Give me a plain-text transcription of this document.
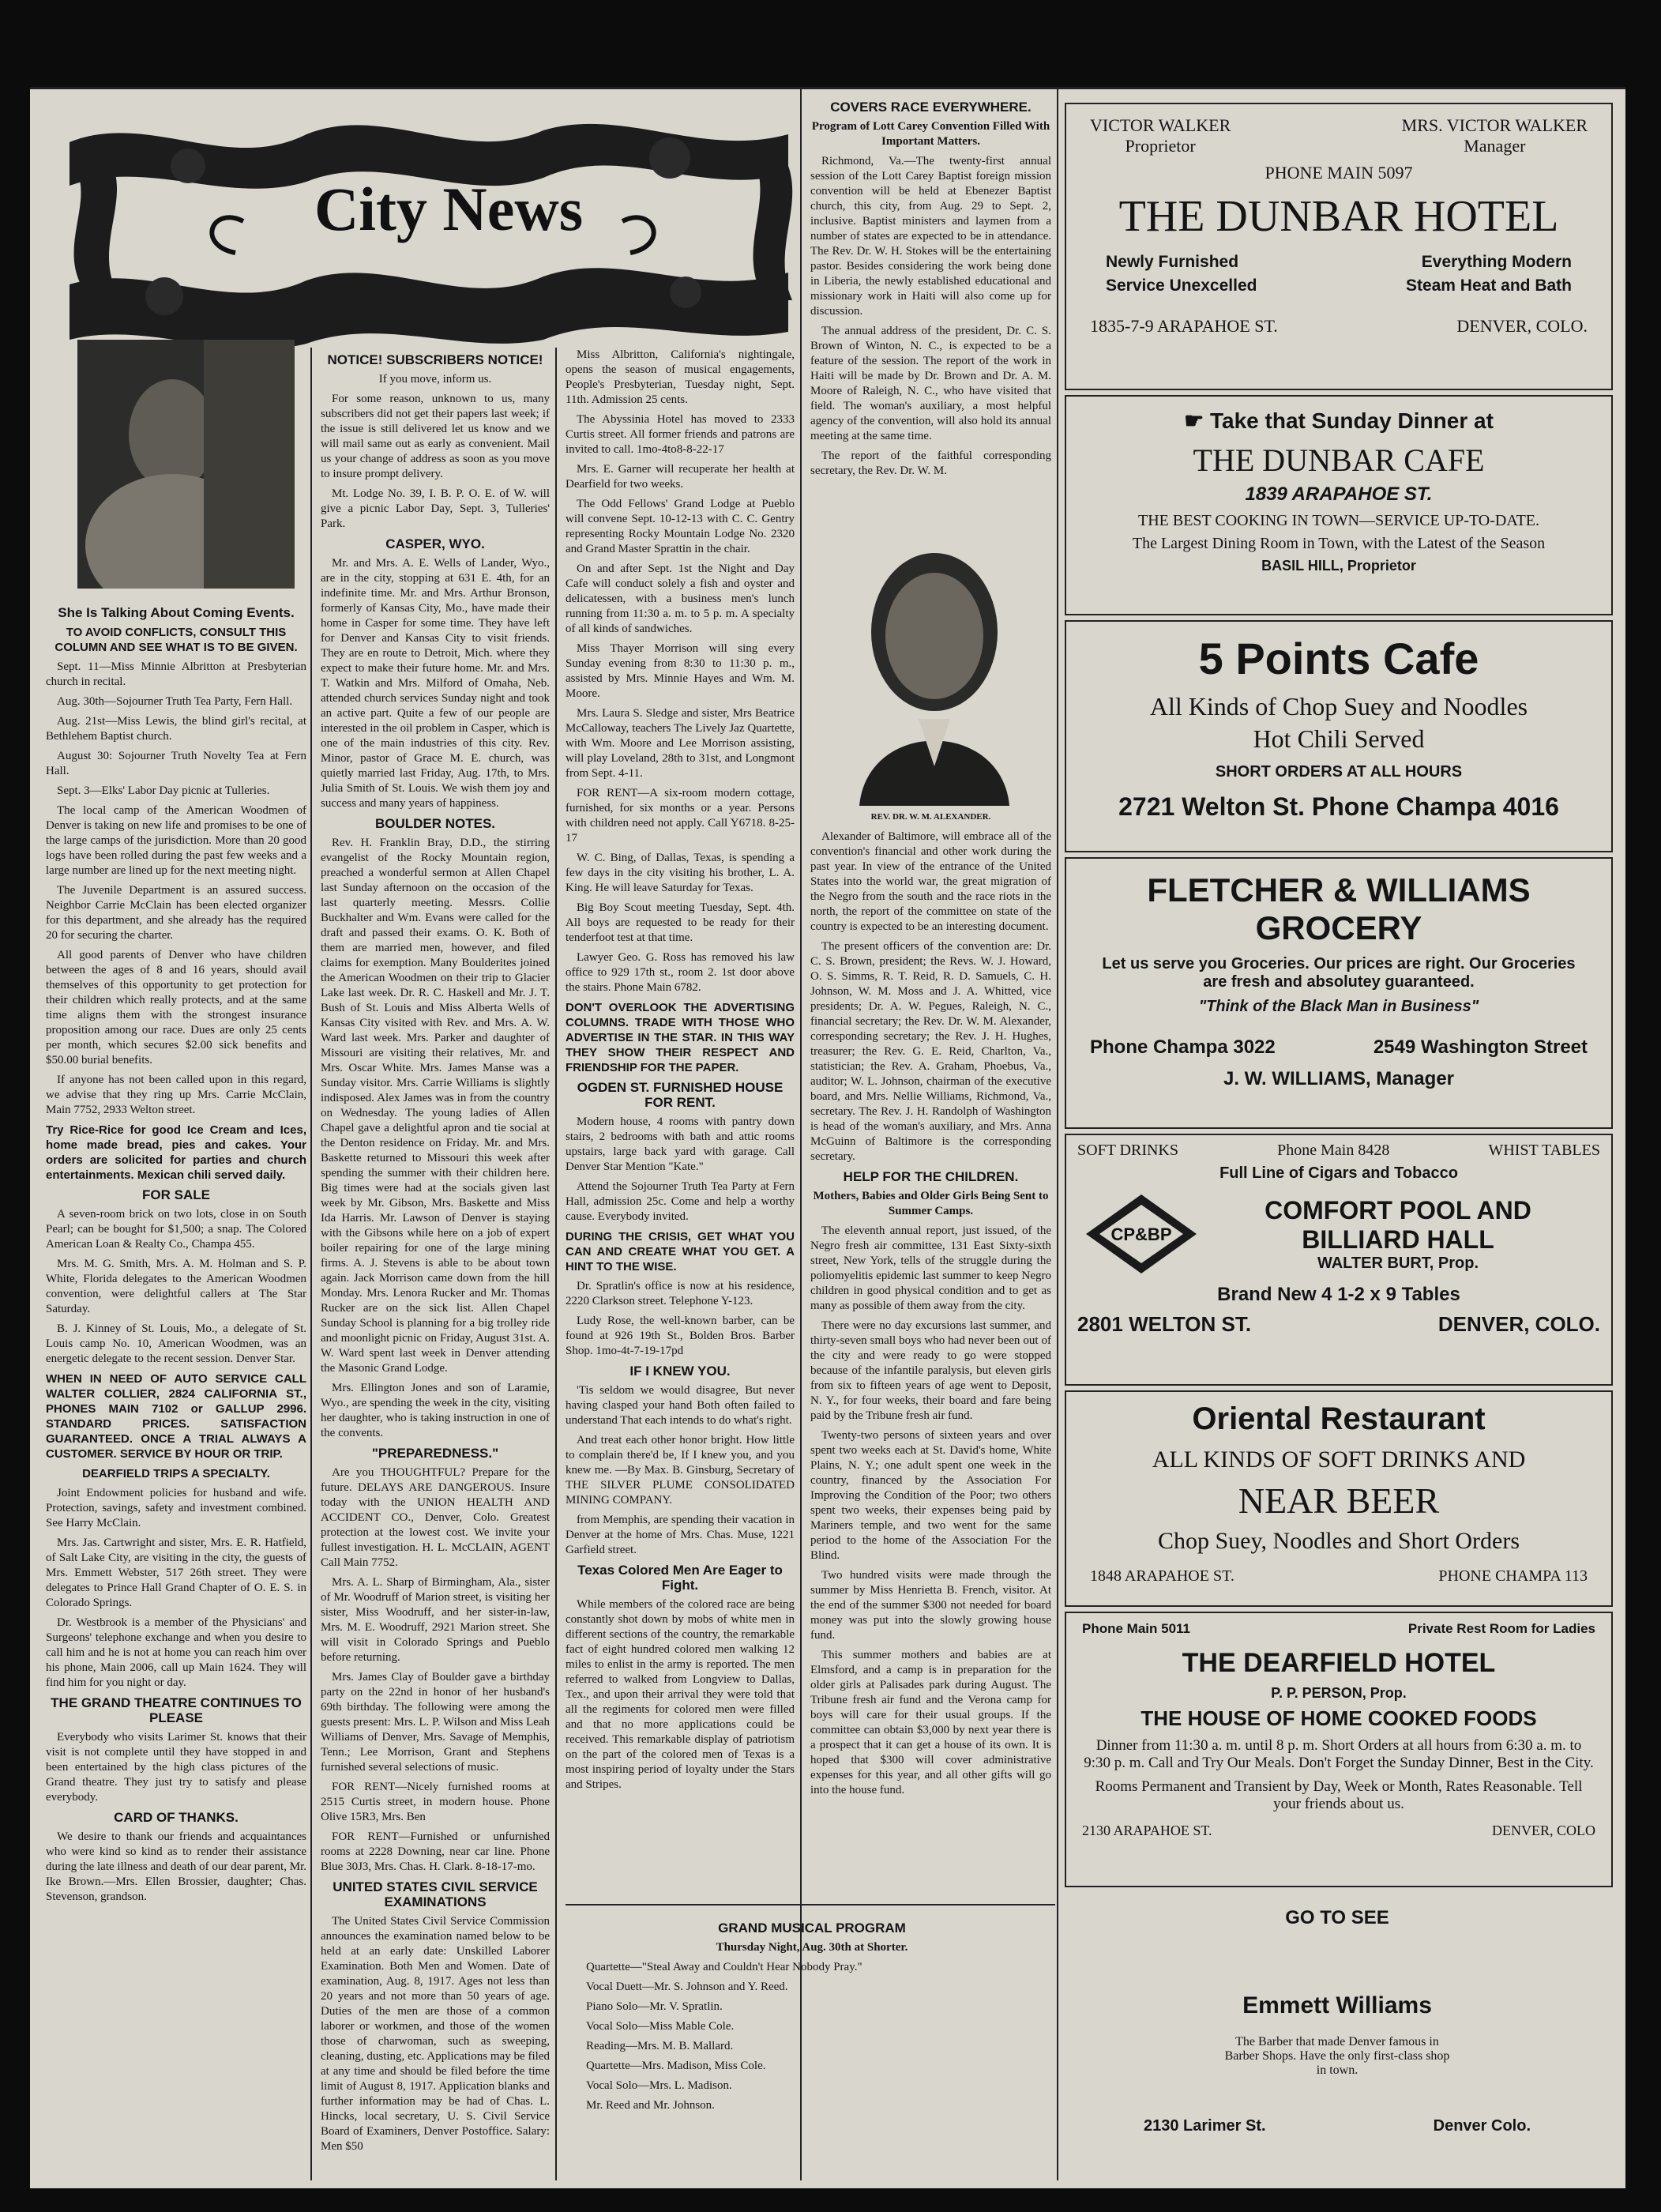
City News
She Is Talking About Coming Events.

TO AVOID CONFLICTS, CONSULT THIS COLUMN AND SEE WHAT IS TO BE GIVEN.

Sept. 11—Miss Minnie Albritton at Presbyterian church in recital.

Aug. 30th—Sojourner Truth Tea Party, Fern Hall.

Aug. 21st—Miss Lewis, the blind girl's recital, at Bethlehem Baptist church.

August 30: Sojourner Truth Novelty Tea at Fern Hall.

Sept. 3—Elks' Labor Day picnic at Tulleries.

The local camp of the American Woodmen of Denver is taking on new life and promises to be one of the large camps of the jurisdiction. More than 20 good logs have been rolled during the past few weeks and a large number are lined up for the next meeting night.

The Juvenile Department is an assured success. Neighbor Carrie McClain has been elected organizer for this department, and she already has the required 20 for securing the charter.

All good parents of Denver who have children between the ages of 8 and 16 years, should avail themselves of this opportunity to get protection for their children which really protects, and at the same time aligns them with the strongest insurance proposition among our race. Dues are only 25 cents per month, which secures $2.00 sick benefits and $50.00 burial benefits.

If anyone has not been called upon in this regard, we advise that they ring up Mrs. Carrie McClain, Main 7752, 2933 Welton street.

Try Rice-Rice for good Ice Cream and Ices, home made bread, pies and cakes. Your orders are solicited for parties and church entertainments. Mexican chili served daily.

FOR SALE

A seven-room brick on two lots, close in on South Pearl; can be bought for $1,500; a snap. The Colored American Loan & Realty Co., Champa 455.

Mrs. M. G. Smith, Mrs. A. M. Holman and S. P. White, Florida delegates to the American Woodmen convention, were delightful callers at The Star Saturday.

B. J. Kinney of St. Louis, Mo., a delegate of St. Louis camp No. 10, American Woodmen, was an energetic delegate to the recent session. Denver Star.

WHEN IN NEED OF AUTO SERVICE CALL WALTER COLLIER, 2824 CALIFORNIA ST., PHONES MAIN 7102 or GALLUP 2996. STANDARD PRICES. SATISFACTION GUARANTEED. ONCE A TRIAL ALWAYS A CUSTOMER. SERVICE BY HOUR OR TRIP.

DEARFIELD TRIPS A SPECIALTY.

Joint Endowment policies for husband and wife. Protection, savings, safety and investment combined. See Harry McClain.

Mrs. Jas. Cartwright and sister, Mrs. E. R. Hatfield, of Salt Lake City, are visiting in the city, the guests of Mrs. Emmett Webster, 517 26th street. They were delegates to Prince Hall Grand Chapter of O. E. S. in Colorado Springs.

Dr. Westbrook is a member of the Physicians' and Surgeons' telephone exchange and when you desire to call him and he is not at home you can reach him over his phone, Main 2006, call up Main 1624. They will find him for you night or day.

THE GRAND THEATRE CONTINUES TO PLEASE

Everybody who visits Larimer St. knows that their visit is not complete until they have stopped in and been entertained by the high class pictures of the Grand theatre. They just try to satisfy and please everybody.

CARD OF THANKS.

We desire to thank our friends and acquaintances who were kind so kind as to render their assistance during the late illness and death of our dear parent, Mr. Ike Brown.—Mrs. Ellen Brossier, daughter; Chas. Stevenson, grandson.

NOTICE! SUBSCRIBERS NOTICE!

If you move, inform us.

For some reason, unknown to us, many subscribers did not get their papers last week; if the issue is still delivered let us know and we will mail same out as early as convenient. Mail us your change of address as soon as you move to insure prompt delivery.

Mt. Lodge No. 39, I. B. P. O. E. of W. will give a picnic Labor Day, Sept. 3, Tulleries' Park.

CASPER, WYO.

Mr. and Mrs. A. E. Wells of Lander, Wyo., are in the city, stopping at 631 E. 4th, for an indefinite time. Mr. and Mrs. Arthur Bronson, formerly of Kansas City, Mo., have made their home in Casper for some time. They have left for Denver and Kansas City to visit friends. They are en route to Detroit, Mich. where they expect to make their future home. Mr. and Mrs. T. Watkin and Mrs. Milford of Omaha, Neb. attended church services Sunday night and took an active part. Quite a few of our people are interested in the oil problem in Casper, which is one of the main industries of this city. Rev. Minor, pastor of Grace M. E. church, was quietly married last Friday, Aug. 17th, to Mrs. Julia Smith of St. Louis. We wish them joy and success and many years of happiness.

BOULDER NOTES.

Rev. H. Franklin Bray, D.D., the stirring evangelist of the Rocky Mountain region, preached a wonderful sermon at Allen Chapel last Sunday afternoon on the occasion of the last quarterly meeting. Messrs. Collie Buckhalter and Wm. Evans were called for the draft and passed their exams. O. K. Both of them are married men, however, and filed claims for exemption. Many Boulderites joined the American Woodmen on their trip to Glacier Lake last week. Dr. R. C. Haskell and Mr. J. T. Bush of St. Louis and Miss Alberta Wells of Kansas City visited with Rev. and Mrs. A. W. Ward last week. Mrs. Parker and daughter of Missouri are visiting their relatives, Mr. and Mrs. Oscar White. Mrs. James Manse was a Sunday visitor. Mrs. Carrie Williams is slightly indisposed. Alex James was in from the country on Wednesday. The young ladies of Allen Chapel gave a delightful apron and tie social at the Denton residence on Friday. Mr. and Mrs. Baskette returned to Missouri this week after spending the summer with their children here. Big times were had at the socials given last week by Mr. Gibson, Mrs. Baskette and Miss Ida Harris. Mr. Lawson of Denver is staying with the Gibsons while here on a job of expert boiler repairing for one of the large mining firms. A. J. Stevens is able to be about town again. Jack Morrison came down from the hill Monday. Mrs. Lenora Rucker and Mr. Thomas Rucker are on the sick list. Allen Chapel Sunday School is planning for a big trolley ride and moonlight picnic on Friday, August 31st. A. W. Ward spent last week in Denver attending the Masonic Grand Lodge.

Mrs. Ellington Jones and son of Laramie, Wyo., are spending the week in the city, visiting her daughter, who is taking instruction in one of the convents.

"PREPAREDNESS."

Are you THOUGHTFUL? Prepare for the future. DELAYS ARE DANGEROUS. Insure today with the UNION HEALTH AND ACCIDENT CO., Denver, Colo. Greatest protection at the lowest cost. We invite your fullest investigation. H. L. McCLAIN, AGENT Call Main 7752.

Mrs. A. L. Sharp of Birmingham, Ala., sister of Mr. Woodruff of Marion street, is visiting her sister, Miss Woodruff, and her sister-in-law, Mrs. M. E. Woodruff, 2921 Marion street. She will visit in Colorado Springs and Pueblo before returning.

Mrs. James Clay of Boulder gave a birthday party on the 22nd in honor of her husband's 69th birthday. The following were among the guests present: Mrs. L. P. Wilson and Miss Leah Williams of Denver, Mrs. Savage of Memphis, Tenn.; Lee Morrison, Grant and Stephens furnished several selections of music.

FOR RENT—Nicely furnished rooms at 2515 Curtis street, in modern house. Phone Olive 15R3, Mrs. Ben

FOR RENT—Furnished or unfurnished rooms at 2228 Downing, near car line. Phone Blue 30J3, Mrs. Chas. H. Clark. 8-18-17-mo.

UNITED STATES CIVIL SERVICE EXAMINATIONS

The United States Civil Service Commission announces the examination named below to be held at an early date: Unskilled Laborer Examination. Both Men and Women. Date of examination, Aug. 8, 1917. Ages not less than 20 years and not more than 50 years of age. Duties of the men are those of a common laborer or workmen, and those of the women those of charwoman, such as sweeping, cleaning, dusting, etc. Applications may be filed at any time and should be filed before the time limit of August 8, 1917. Application blanks and further information may be had of Chas. L. Hincks, local secretary, U. S. Civil Service Board of Examiners, Denver Postoffice. Salary: Men $50

Miss Albritton, California's nightingale, opens the season of musical engagements, People's Presbyterian, Tuesday night, Sept. 11th. Admission 25 cents.

The Abyssinia Hotel has moved to 2333 Curtis street. All former friends and patrons are invited to call. 1mo-4to8-8-22-17

Mrs. E. Garner will recuperate her health at Dearfield for two weeks.

The Odd Fellows' Grand Lodge at Pueblo will convene Sept. 10-12-13 with C. C. Gentry representing Rocky Mountain Lodge No. 2320 and Grand Master Sprattin in the chair.

On and after Sept. 1st the Night and Day Cafe will conduct solely a fish and oyster and delicatessen, with a business men's lunch running from 11:30 a. m. to 5 p. m. A specialty of all kinds of sandwiches.

Miss Thayer Morrison will sing every Sunday evening from 8:30 to 11:30 p. m., assisted by Mrs. Minnie Hayes and Wm. M. Moore.

Mrs. Laura S. Sledge and sister, Mrs Beatrice McCalloway, teachers The Lively Jaz Quartette, with Wm. Moore and Lee Morrison assisting, will play Loveland, 28th to 31st, and Longmont from Sept. 4-11.

FOR RENT—A six-room modern cottage, furnished, for six months or a year. Persons with children need not apply. Call Y6718. 8-25-17

W. C. Bing, of Dallas, Texas, is spending a few days in the city visiting his brother, L. A. King. He will leave Saturday for Texas.

Big Boy Scout meeting Tuesday, Sept. 4th. All boys are requested to be ready for their tenderfoot test at that time.

Lawyer Geo. G. Ross has removed his law office to 929 17th st., room 2. 1st door above the stairs. Phone Main 6782.

DON'T OVERLOOK THE ADVERTISING COLUMNS. TRADE WITH THOSE WHO ADVERTISE IN THE STAR. IN THIS WAY THEY SHOW THEIR RESPECT AND FRIENDSHIP FOR THE PAPER.

OGDEN ST. FURNISHED HOUSE FOR RENT.

Modern house, 4 rooms with pantry down stairs, 2 bedrooms with bath and attic rooms upstairs, large back yard with garage. Call Denver Star Mention "Kate."

Attend the Sojourner Truth Tea Party at Fern Hall, admission 25c. Come and help a worthy cause. Everybody invited.

DURING THE CRISIS, GET WHAT YOU CAN AND CREATE WHAT YOU GET. A HINT TO THE WISE.

Dr. Spratlin's office is now at his residence, 2220 Clarkson street. Telephone Y-123.

Ludy Rose, the well-known barber, can be found at 926 19th St., Bolden Bros. Barber Shop. 1mo-4t-7-19-17pd

IF I KNEW YOU.

'Tis seldom we would disagree, But never having clasped your hand Both often failed to understand That each intends to do what's right.

And treat each other honor bright. How little to complain there'd be, If I knew you, and you knew me. —By Max. B. Ginsburg, Secretary of THE SILVER PLUME CONSOLIDATED MINING COMPANY.

from Memphis, are spending their vacation in Denver at the home of Mrs. Chas. Muse, 1221 Garfield street.

Texas Colored Men Are Eager to Fight.

While members of the colored race are being constantly shot down by mobs of white men in different sections of the country, the remarkable fact of eight hundred colored men walking 12 miles to enlist in the army is reported. The men referred to walked from Longview to Dallas, Tex., and upon their arrival they were told that all the regiments for colored men were filled and that no more applications could be received. This remarkable display of patriotism on the part of the colored men of Texas is a most inspiring period of loyalty under the Stars and Stripes.

GRAND MUSICAL PROGRAM

Thursday Night, Aug. 30th at Shorter.

Quartette—"Steal Away and Couldn't Hear Nobody Pray."

Vocal Duett—Mr. S. Johnson and Y. Reed.

Piano Solo—Mr. V. Spratlin.

Vocal Solo—Miss Mable Cole.

Reading—Mrs. M. B. Mallard.

Quartette—Mrs. Madison, Miss Cole.

Vocal Solo—Mrs. L. Madison.

Mr. Reed and Mr. Johnson.

COVERS RACE EVERYWHERE.

Program of Lott Carey Convention Filled With Important Matters.

Richmond, Va.—The twenty-first annual session of the Lott Carey Baptist foreign mission convention will be held at Ebenezer Baptist church, this city, from Aug. 29 to Sept. 2, inclusive. Baptist ministers and laymen from a number of states are expected to be in attendance. The Rev. Dr. W. H. Stokes will be the entertaining pastor. Besides considering the work being done in Liberia, the newly established educational and missionary work in Haiti will also come up for discussion.

The annual address of the president, Dr. C. S. Brown of Winton, N. C., is expected to be a feature of the session. The report of the work in Haiti will be made by Dr. Brown and Dr. A. M. Moore of Raleigh, N. C., who have visited that field. The woman's auxiliary, a most helpful agency of the convention, will also hold its annual meeting at the same time.

The report of the faithful corresponding secretary, the Rev. Dr. W. M.

REV. DR. W. M. ALEXANDER.

Alexander of Baltimore, will embrace all of the convention's financial and other work during the past year. In view of the entrance of the United States into the world war, the great migration of the Negro from the south and the race riots in the north, the report of the committee on state of the country is expected to be an interesting document.

The present officers of the convention are: Dr. C. S. Brown, president; the Revs. W. J. Howard, O. S. Simms, R. T. Reid, R. D. Samuels, C. H. Johnson, W. M. Moss and J. A. Whitted, vice presidents; Dr. A. W. Pegues, Raleigh, N. C., financial secretary; the Rev. Dr. W. M. Alexander, corresponding secretary; the Rev. J. H. Hughes, treasurer; the Rev. G. E. Reid, Charlton, Va., statistician; the Rev. A. Graham, Phoebus, Va., auditor; W. L. Johnson, chairman of the executive board, and Mrs. Nellie Williams, Richmond, Va., secretary. The Rev. J. H. Randolph of Washington is head of the woman's auxiliary, and Mrs. Anna McGuinn of Baltimore is the corresponding secretary.

HELP FOR THE CHILDREN.

Mothers, Babies and Older Girls Being Sent to Summer Camps.

The eleventh annual report, just issued, of the Negro fresh air committee, 131 East Sixty-sixth street, New York, tells of the struggle during the poliomyelitis epidemic last summer to keep Negro children in good physical condition and to get as many as possible of them away from the city.

There were no day excursions last summer, and thirty-seven small boys who had never been out of the city and were ready to go were stopped because of the infantile paralysis, but eleven girls from six to fifteen years of age went to Deposit, N. Y., for four weeks, their board and fare being paid by the Tribune fresh air fund.

Twenty-two persons of sixteen years and over spent two weeks each at St. David's home, White Plains, N. Y.; one adult spent one week in the country, financed by the Association For Improving the Condition of the Poor; two others spent two weeks, their expenses being paid by Mariners temple, and two went for the same period to the home of the Association For the Blind.

Two hundred visits were made through the summer by Miss Henrietta B. French, visitor. At the end of the summer $300 not needed for board money was put into the slowly growing house fund.

This summer mothers and babies are at Elmsford, and a camp is in preparation for the older girls at Palisades park during August. The Tribune fresh air fund and the Verona camp for boys will care for their usual groups. If the committee can obtain $3,000 by next year there is a prospect that it can get a house of its own. It is hoped that $300 will cover administrative expenses for this year, and all other gifts will go into the house fund.

VICTOR WALKER
Proprietor
MRS. VICTOR WALKER
Manager
PHONE MAIN 5097
THE DUNBAR HOTEL
Newly Furnished	Everything Modern
Service Unexcelled	Steam Heat and Bath
1835-7-9 ARAPAHOE ST.	DENVER, COLO.
☛ Take that Sunday Dinner at
THE DUNBAR CAFE
1839 ARAPAHOE ST.
THE BEST COOKING IN TOWN—SERVICE UP-TO-DATE.
The Largest Dining Room in Town, with the Latest of the Season
BASIL HILL, Proprietor
5 Points Cafe
All Kinds of Chop Suey and Noodles
Hot Chili Served
SHORT ORDERS AT ALL HOURS
2721 Welton St. Phone Champa 4016
FLETCHER & WILLIAMS
GROCERY
Let us serve you Groceries. Our prices are right. Our Groceries are fresh and absolutey guaranteed.
"Think of the Black Man in Business"
Phone Champa 3022	2549 Washington Street
J. W. WILLIAMS, Manager
SOFT DRINKS	Phone Main 8428	WHIST TABLES
Full Line of Cigars and Tobacco
CP&BP
COMFORT POOL AND
BILLIARD HALL
WALTER BURT, Prop.
Brand New 4 1-2 x 9 Tables
2801 WELTON ST.	DENVER, COLO.
Oriental Restaurant
ALL KINDS OF SOFT DRINKS AND
NEAR BEER
Chop Suey, Noodles and Short Orders
1848 ARAPAHOE ST.	PHONE CHAMPA 113
Phone Main 5011	Private Rest Room for Ladies
THE DEARFIELD HOTEL
P. P. PERSON, Prop.
THE HOUSE OF HOME COOKED FOODS
Dinner from 11:30 a. m. until 8 p. m. Short Orders at all hours from 6:30 a. m. to 9:30 p. m. Call and Try Our Meals. Don't Forget the Sunday Dinner, Best in the City.
Rooms Permanent and Transient by Day, Week or Month, Rates Reasonable. Tell your friends about us.
2130 ARAPAHOE ST.	DENVER, COLO
GO TO SEE
Emmett Williams
The Barber that made Denver famous in Barber Shops. Have the only first-class shop in town.
2130 Larimer St.	Denver Colo.
